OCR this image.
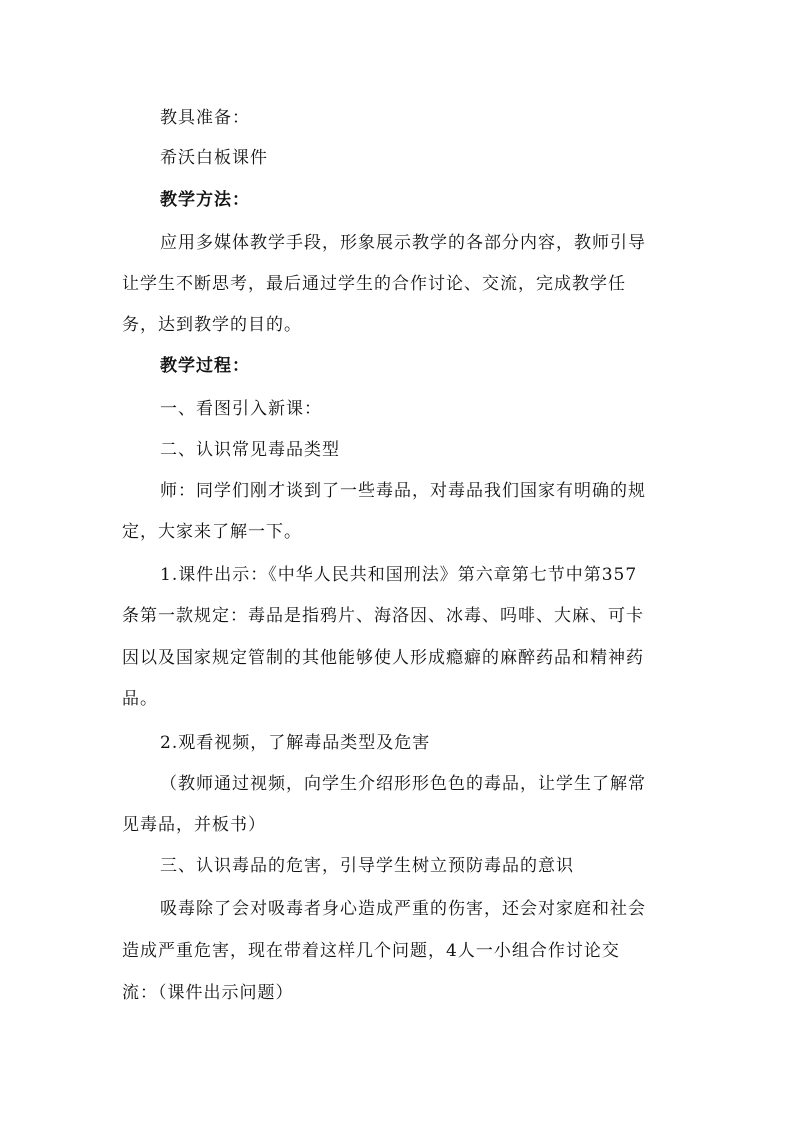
教具准备：
希沃白板课件
教学方法：
应用多媒体教学手段，形象展示教学的各部分内容，教师引导
让学生不断思考，最后通过学生的合作讨论、交流，完成教学任
务，达到教学的目的。
教学过程：
一、看图引入新课：
二、认识常见毒品类型
师：同学们刚才谈到了一些毒品，对毒品我们国家有明确的规
定，大家来了解一下。
1.课件出示：《中华人民共和国刑法》第六章第七节中第357
条第一款规定：毒品是指鸦片、海洛因、冰毒、吗啡、大麻、可卡
因以及国家规定管制的其他能够使人形成瘾癖的麻醉药品和精神药
品。
2.观看视频，了解毒品类型及危害
（教师通过视频，向学生介绍形形色色的毒品，让学生了解常
见毒品，并板书）
三、认识毒品的危害，引导学生树立预防毒品的意识
吸毒除了会对吸毒者身心造成严重的伤害，还会对家庭和社会
造成严重危害，现在带着这样几个问题，4人一小组合作讨论交
流：（课件出示问题）
